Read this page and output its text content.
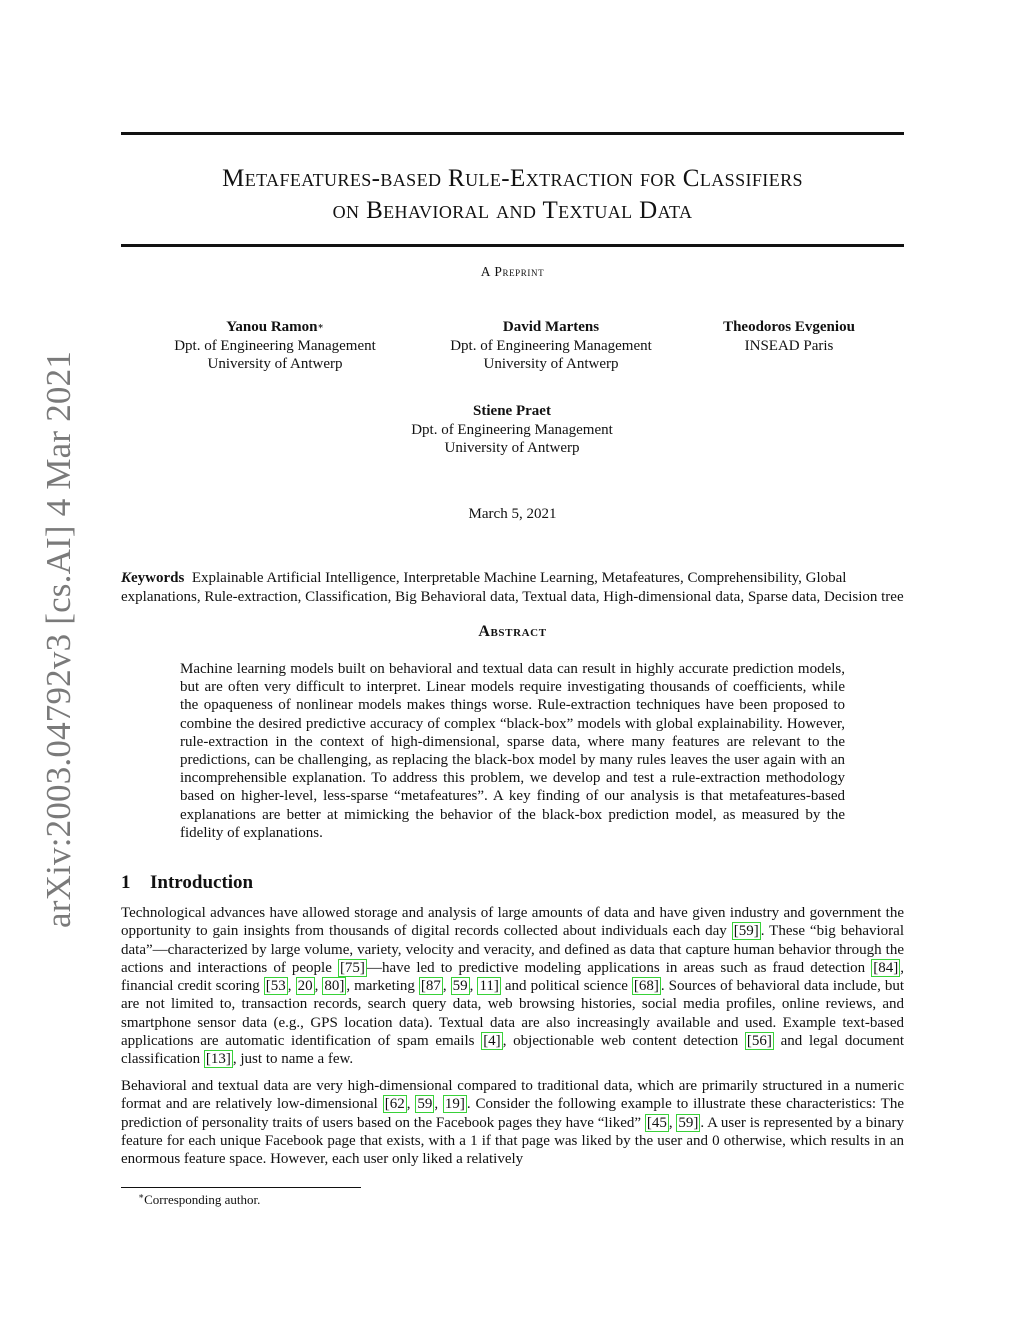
arXiv:2003.04792v3 [cs.AI] 4 Mar 2021
Metafeatures-based Rule-Extraction for Classifiers
on Behavioral and Textual Data
A Preprint
Yanou Ramon∗
Dpt. of Engineering Management
University of Antwerp
David Martens
Dpt. of Engineering Management
University of Antwerp
Theodoros Evgeniou
INSEAD Paris
Stiene Praet
Dpt. of Engineering Management
University of Antwerp
March 5, 2021
Keywords Explainable Artificial Intelligence, Interpretable Machine Learning, Metafeatures, Comprehensibility, Global explanations, Rule-extraction, Classification, Big Behavioral data, Textual data, High-dimensional data, Sparse data, Decision tree
Abstract
Machine learning models built on behavioral and textual data can result in highly accurate prediction models, but are often very difficult to interpret. Linear models require investigating thousands of coefficients, while the opaqueness of nonlinear models makes things worse. Rule-extraction techniques have been proposed to combine the desired predictive accuracy of complex “black-box” models with global explainability. However, rule-extraction in the context of high-dimensional, sparse data, where many features are relevant to the predictions, can be challenging, as replacing the black-box model by many rules leaves the user again with an incomprehensible explanation. To address this problem, we develop and test a rule-extraction methodology based on higher-level, less-sparse “metafeatures”. A key finding of our analysis is that metafeatures-based explanations are better at mimicking the behavior of the black-box prediction model, as measured by the fidelity of explanations.
1 Introduction
Technological advances have allowed storage and analysis of large amounts of data and have given industry and government the opportunity to gain insights from thousands of digital records collected about individuals each day [59] . These “big behavioral data”—characterized by large volume, variety, velocity and veracity, and defined as data that capture human behavior through the actions and interactions of people [75] —have led to predictive modeling applications in areas such as fraud detection [84] , financial credit scoring [53 , 20 , 80] , marketing [87 , 59 , 11] and political science [68] . Sources of behavioral data include, but are not limited to, transaction records, search query data, web browsing histories, social media profiles, online reviews, and smartphone sensor data (e.g., GPS location data). Textual data are also increasingly available and used. Example text-based applications are automatic identification of spam emails [4] , objectionable web content detection [56] and legal document classification [13] , just to name a few.
Behavioral and textual data are very high-dimensional compared to traditional data, which are primarily structured in a numeric format and are relatively low-dimensional [62 , 59 , 19] . Consider the following example to illustrate these characteristics: The prediction of personality traits of users based on the Facebook pages they have “liked” [45 , 59] . A user is represented by a binary feature for each unique Facebook page that exists, with a 1 if that page was liked by the user and 0 otherwise, which results in an enormous feature space. However, each user only liked a relatively
∗Corresponding author.
